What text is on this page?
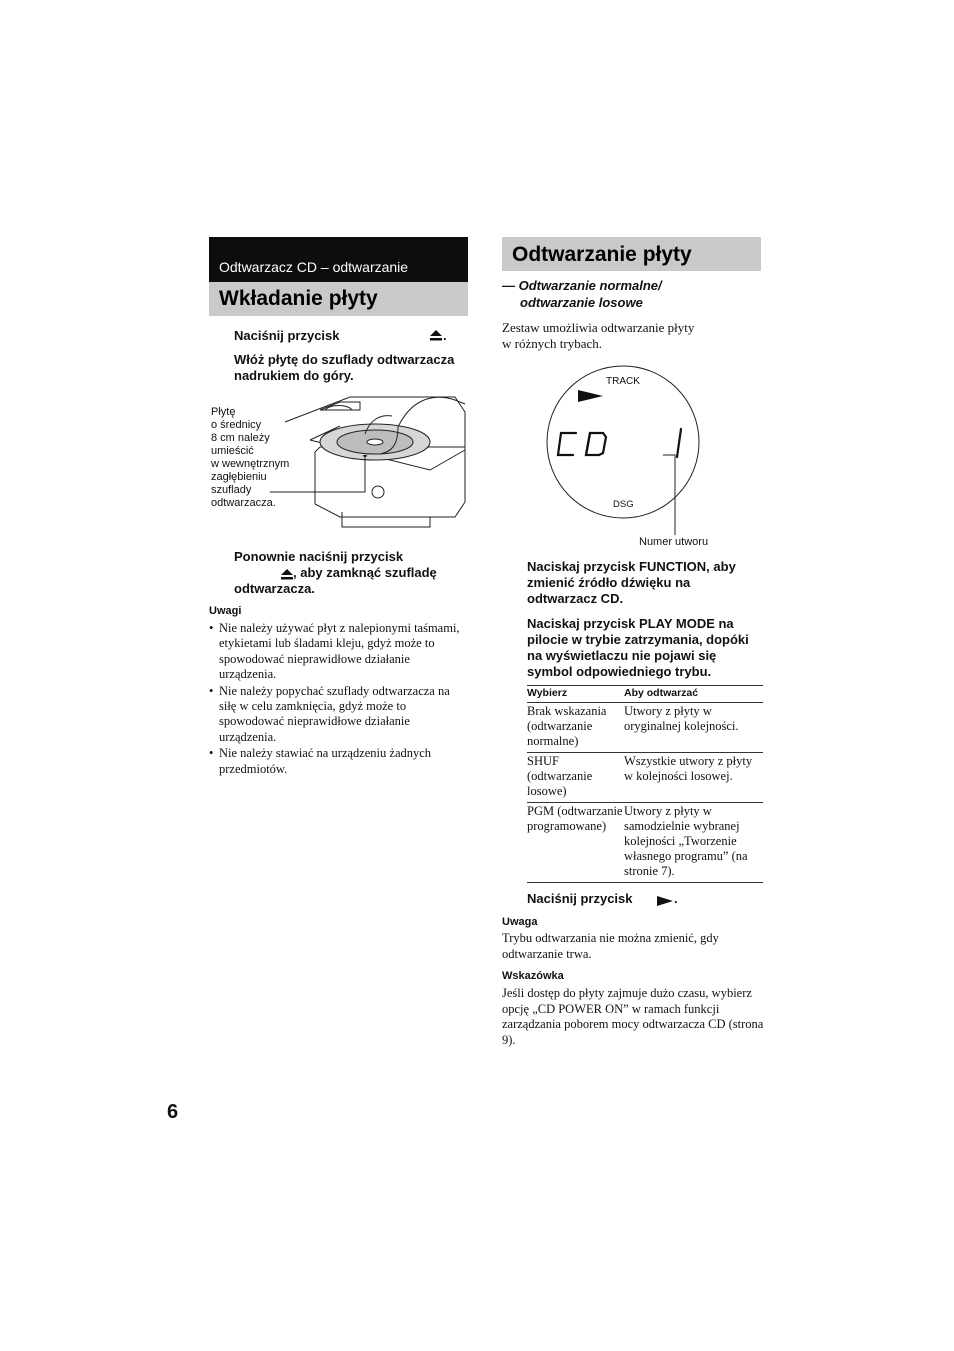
Odtwarzacz CD – odtwarzanie
Wkładanie płyty
Naciśnij przycisk	.
Włóż płytę do szuflady odtwarzacza nadrukiem do góry.
Płytę
o średnicy
8 cm należy
umieścić
w wewnętrznym
zagłębieniu
szuflady
odtwarzacza.
Ponownie naciśnij przycisk
, aby zamknąć szufladę
odtwarzacza.
Uwagi
• Nie należy używać płyt z nalepionymi taśmami, etykietami lub śladami kleju, gdyż może to spowodować nieprawidłowe działanie urządzenia.
• Nie należy popychać szuflady odtwarzacza na siłę w celu zamknięcia, gdyż może to spowodować nieprawidłowe działanie urządzenia.
• Nie należy stawiać na urządzeniu żadnych przedmiotów.
Odtwarzanie płyty
— Odtwarzanie normalne/
odtwarzanie losowe
Zestaw umożliwia odtwarzanie płyty
w różnych trybach.
TRACK
DSG
Numer utworu
Naciskaj przycisk FUNCTION, aby zmienić źródło dźwięku na odtwarzacz CD.
Naciskaj przycisk PLAY MODE na pilocie w trybie zatrzymania, dopóki na wyświetlaczu nie pojawi się symbol odpowiedniego trybu.
Wybierz	Aby odtwarzać
Brak wskazania (odtwarzanie normalne)	Utwory z płyty w oryginalnej kolejności.
SHUF (odtwarzanie losowe)	Wszystkie utwory z płyty w kolejności losowej.
PGM (odtwarzanie programowane)	Utwory z płyty w samodzielnie wybranej kolejności „Tworzenie własnego programu” (na stronie 7).
Naciśnij przycisk	.
Uwaga
Trybu odtwarzania nie można zmienić, gdy odtwarzanie trwa.
Wskazówka
Jeśli dostęp do płyty zajmuje dużo czasu, wybierz opcję „CD POWER ON” w ramach funkcji zarządzania poborem mocy odtwarzacza CD (strona 9).
6
